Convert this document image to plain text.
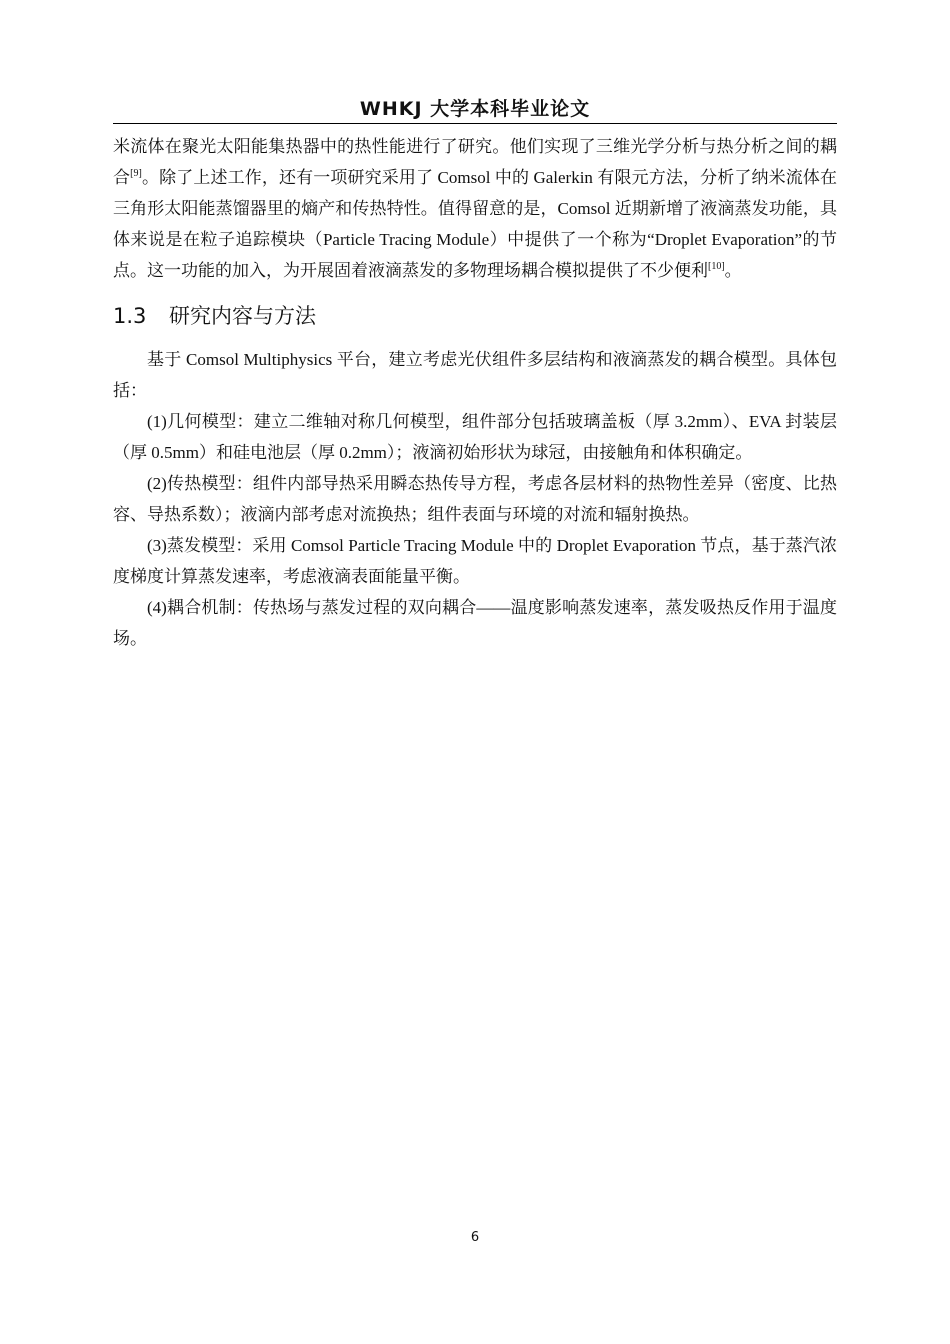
WHKJ 大学本科毕业论文

米流体在聚光太阳能集热器中的热性能进行了研究。他们实现了三维光学分析与热分析之间的耦合[9]。除了上述工作，还有一项研究采用了 Comsol 中的 Galerkin 有限元方法，分析了纳米流体在三角形太阳能蒸馏器里的熵产和传热特性。值得留意的是，Comsol 近期新增了液滴蒸发功能，具体来说是在粒子追踪模块（Particle Tracing Module）中提供了一个称为“Droplet Evaporation”的节点。这一功能的加入，为开展固着液滴蒸发的多物理场耦合模拟提供了不少便利[10]。

1.3 研究内容与方法

基于 Comsol Multiphysics 平台，建立考虑光伏组件多层结构和液滴蒸发的耦合模型。具体包括：

(1)几何模型：建立二维轴对称几何模型，组件部分包括玻璃盖板（厚 3.2mm）、EVA 封装层（厚 0.5mm）和硅电池层（厚 0.2mm）；液滴初始形状为球冠，由接触角和体积确定。

(2)传热模型：组件内部导热采用瞬态热传导方程，考虑各层材料的热物性差异（密度、比热容、导热系数）；液滴内部考虑对流换热；组件表面与环境的对流和辐射换热。

(3)蒸发模型：采用 Comsol Particle Tracing Module 中的 Droplet Evaporation 节点，基于蒸汽浓度梯度计算蒸发速率，考虑液滴表面能量平衡。

(4)耦合机制：传热场与蒸发过程的双向耦合——温度影响蒸发速率，蒸发吸热反作用于温度场。

6
